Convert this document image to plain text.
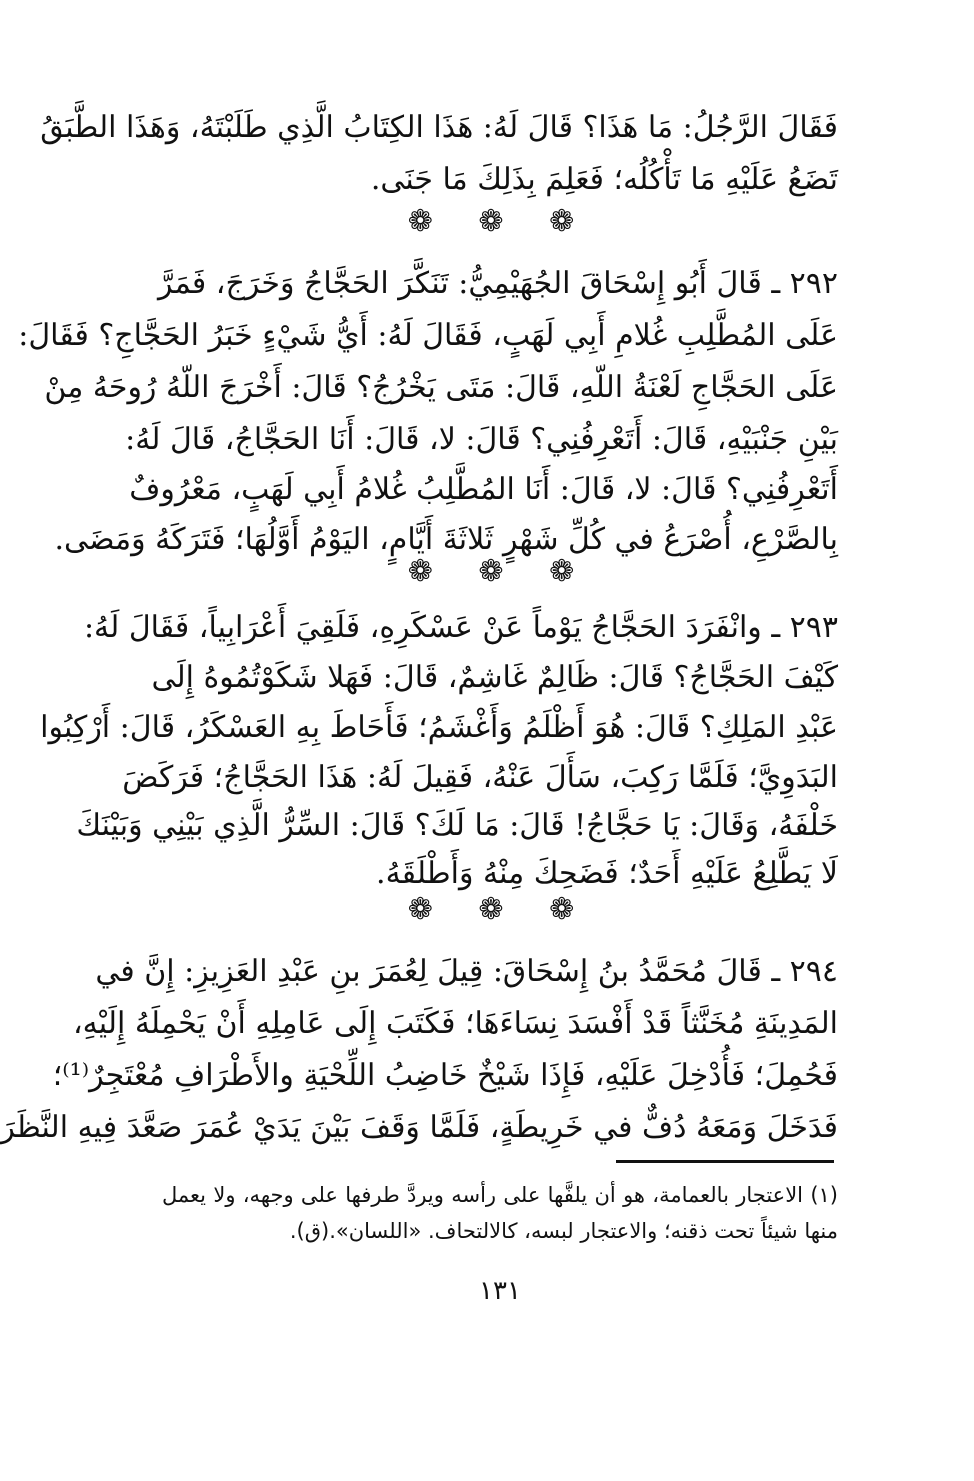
فَقَالَ الرَّجُلُ: مَا هَذَا؟ قَالَ لَهُ: هَذَا الكِتَابُ الَّذِي طَلَبْتَهُ، وَهَذَا الطَّبَقُ
تَضَعُ عَلَيْهِ مَا تَأْكُلُه؛ فَعَلِمَ بِذَلِكَ مَا جَنَى.
❁ ❁ ❁
٢٩٢ ـ قَالَ أَبُو إِسْحَاقَ الجُهَيْمِيُّ: تَنَكَّرَ الحَجَّاجُ وَخَرَجَ، فَمَرَّ
عَلَى المُطَّلِبِ غُلامِ أَبِي لَهَبٍ، فَقَالَ لَهُ: أَيُّ شَيْءٍ خَبَرُ الحَجَّاجِ؟ فَقَالَ:
عَلَى الحَجَّاجِ لَعْنَةُ اللّهِ، قَالَ: مَتَى يَخْرُجُ؟ قَالَ: أَخْرَجَ اللّهُ رُوحَهُ مِنْ
بَيْنِ جَنْبَيْهِ، قَالَ: أَتَعْرِفُنِي؟ قَالَ: لا، قَالَ: أَنَا الحَجَّاجُ، قَالَ لَهُ:
أَتَعْرِفُنِي؟ قَالَ: لا، قَالَ: أَنَا المُطَّلِبُ غُلامُ أَبِي لَهَبٍ، مَعْرُوفٌ
بِالصَّرْعِ، أُصْرَعُ في كُلِّ شَهْرٍ ثَلاثَةَ أَيَّامٍ، اليَوْمُ أَوَّلُهَا؛ فَتَرَكَهُ وَمَضَى.
❁ ❁ ❁
٢٩٣ ـ وانْفَرَدَ الحَجَّاجُ يَوْماً عَنْ عَسْكَرِهِ، فَلَقِيَ أَعْرَابِياً، فَقَالَ لَهُ:
كَيْفَ الحَجَّاجُ؟ قَالَ: ظَالِمٌ غَاشِمٌ، قَالَ: فَهَلا شَكَوْتُمُوهُ إِلَى
عَبْدِ المَلِكِ؟ قَالَ: هُوَ أَظْلَمُ وَأَغْشَمُ؛ فَأَحَاطَ بِهِ العَسْكَرُ، قَالَ: أَرْكِبُوا
البَدَوِيَّ؛ فَلَمَّا رَكِبَ، سَأَلَ عَنْهُ، فَقِيلَ لَهُ: هَذَا الحَجَّاجُ؛ فَرَكَضَ
خَلْفَهُ، وَقَالَ: يَا حَجَّاجُ! قَالَ: مَا لَكَ؟ قَالَ: السِّرُّ الَّذِي بَيْنِي وَبَيْنَكَ
لَا يَطَّلِعُ عَلَيْهِ أَحَدٌ؛ فَضَحِكَ مِنْهُ وَأَطْلَقَهُ.
❁ ❁ ❁
٢٩٤ ـ قَالَ مُحَمَّدُ بنُ إِسْحَاقَ: قِيلَ لِعُمَرَ بنِ عَبْدِ العَزِيزِ: إِنَّ في
المَدِينَةِ مُخَنَّثاً قَدْ أَفْسَدَ نِسَاءَهَا؛ فَكَتَبَ إِلَى عَامِلِهِ أَنْ يَحْمِلَهُ إِلَيْهِ،
فَحُمِلَ؛ فَأُدْخِلَ عَلَيْهِ، فَإِذَا شَيْخٌ خَاضِبُ اللِّحْيَةِ والأَطْرَافِ مُعْتَجِرٌ⁽¹⁾؛
فَدَخَلَ وَمَعَهُ دُفٌّ في خَرِيطَةٍ، فَلَمَّا وَقَفَ بَيْنَ يَدَيْ عُمَرَ صَعَّدَ فِيهِ النَّظَرَ
(١) الاعتجار بالعمامة، هو أن يلفَّها على رأسه ويردَّ طرفها على وجهه، ولا يعمل
منها شيئاً تحت ذقنه؛ والاعتجار لبسه، كالالتحاف. «اللسان».(ق).
١٣١
